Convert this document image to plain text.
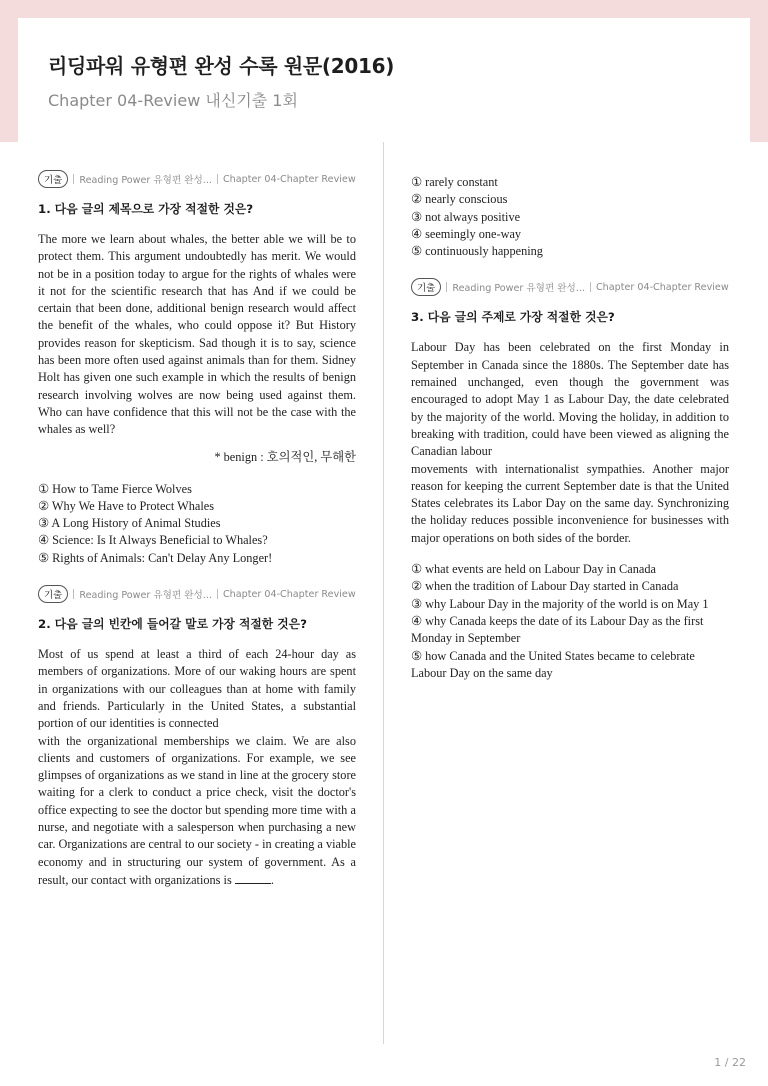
리딩파워 유형편 완성 수록 원문(2016)
Chapter 04-Review 내신기출 1회
기출	Reading Power 유형편 완성... Chapter 04-Chapter Review
1. 다음 글의 제목으로 가장 적절한 것은?

The more we learn about whales, the better able we will be to protect them. This argument undoubtedly has merit. We would not be in a position today to argue for the rights of whales were it not for the scientific research that has And if we could be certain that been done, additional benign research would affect the benefit of the whales, who could oppose it? But History provides reason for skepticism. Sad though it is to say, science has been more often used against animals than for them. Sidney Holt has given one such example in which the results of benign research involving wolves are now being used against them. Who can have confidence that this will not be the case with the whales as well?

* benign : 호의적인, 무해한
① How to Tame Fierce Wolves
② Why We Have to Protect Whales
③ A Long History of Animal Studies
④ Science: Is It Always Beneficial to Whales?
⑤ Rights of Animals: Can't Delay Any Longer!
기출	Reading Power 유형편 완성... Chapter 04-Chapter Review
2. 다음 글의 빈칸에 들어갈 말로 가장 적절한 것은?

Most of us spend at least a third of each 24-hour day as members of organizations. More of our waking hours are spent in organizations with our colleagues than at home with family and friends. Particularly in the United States, a substantial portion of our identities is connected

with the organizational memberships we claim. We are also clients and customers of organizations. For example, we see glimpses of organizations as we stand in line at the grocery store waiting for a clerk to conduct a price check, visit the doctor's office expecting to see the doctor but spending more time with a nurse, and negotiate with a salesperson when purchasing a new car. Organizations are central to our society - in creating a viable economy and in structuring our system of government. As a result, our contact with organizations is	.

① rarely constant
② nearly conscious
③ not always positive
④ seemingly one-way
⑤ continuously happening
기출	Reading Power 유형편 완성... Chapter 04-Chapter Review
3. 다음 글의 주제로 가장 적절한 것은?

Labour Day has been celebrated on the first Monday in September in Canada since the 1880s. The September date has remained unchanged, even though the government was encouraged to adopt May 1 as Labour Day, the date celebrated by the majority of the world. Moving the holiday, in addition to breaking with tradition, could have been viewed as aligning the Canadian labour

movements with internationalist sympathies. Another major reason for keeping the current September date is that the United States celebrates its Labor Day on the same day. Synchronizing the holiday reduces possible inconvenience for businesses with major operations on both sides of the border.

① what events are held on Labour Day in Canada
② when the tradition of Labour Day started in Canada
③ why Labour Day in the majority of the world is on May 1
④ why Canada keeps the date of its Labour Day as the first Monday in September
⑤ how Canada and the United States became to celebrate Labour Day on the same day
1 / 22
